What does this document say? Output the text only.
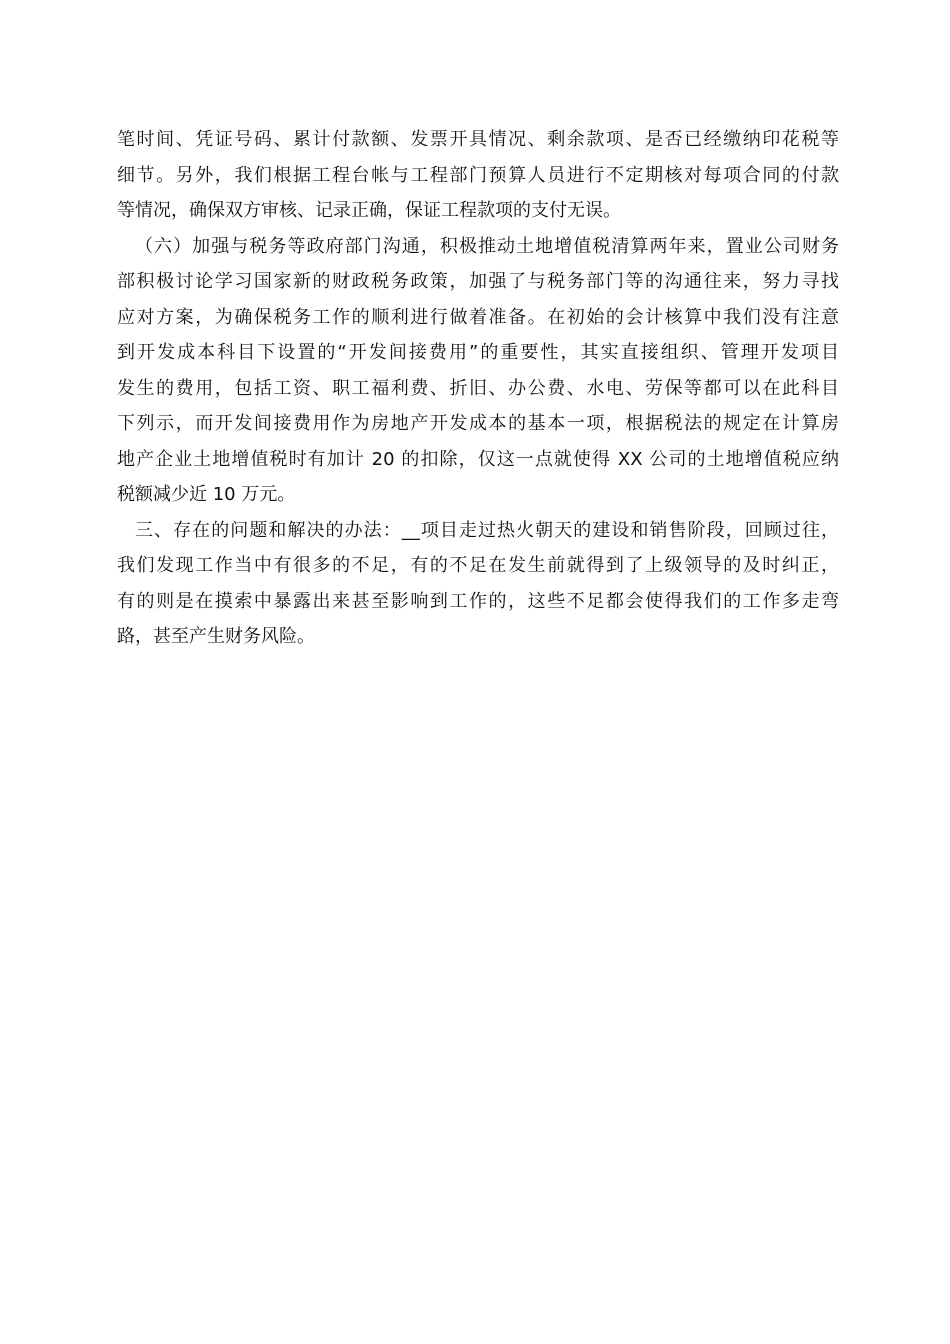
笔时间、凭证号码、累计付款额、发票开具情况、剩余款项、是否已经缴纳印花税等
细节。另外，我们根据工程台帐与工程部门预算人员进行不定期核对每项合同的付款
等情况，确保双方审核、记录正确，保证工程款项的支付无误。
（六）加强与税务等政府部门沟通，积极推动土地增值税清算两年来，置业公司财务
部积极讨论学习国家新的财政税务政策，加强了与税务部门等的沟通往来，努力寻找
应对方案，为确保税务工作的顺利进行做着准备。在初始的会计核算中我们没有注意
到开发成本科目下设置的“开发间接费用”的重要性，其实直接组织、管理开发项目
发生的费用，包括工资、职工福利费、折旧、办公费、水电、劳保等都可以在此科目
下列示，而开发间接费用作为房地产开发成本的基本一项，根据税法的规定在计算房
地产企业土地增值税时有加计 20 的扣除，仅这一点就使得 XX 公司的土地增值税应纳
税额减少近 10 万元。
三、存在的问题和解决的办法：__项目走过热火朝天的建设和销售阶段，回顾过往，
我们发现工作当中有很多的不足，有的不足在发生前就得到了上级领导的及时纠正，
有的则是在摸索中暴露出来甚至影响到工作的，这些不足都会使得我们的工作多走弯
路，甚至产生财务风险。
